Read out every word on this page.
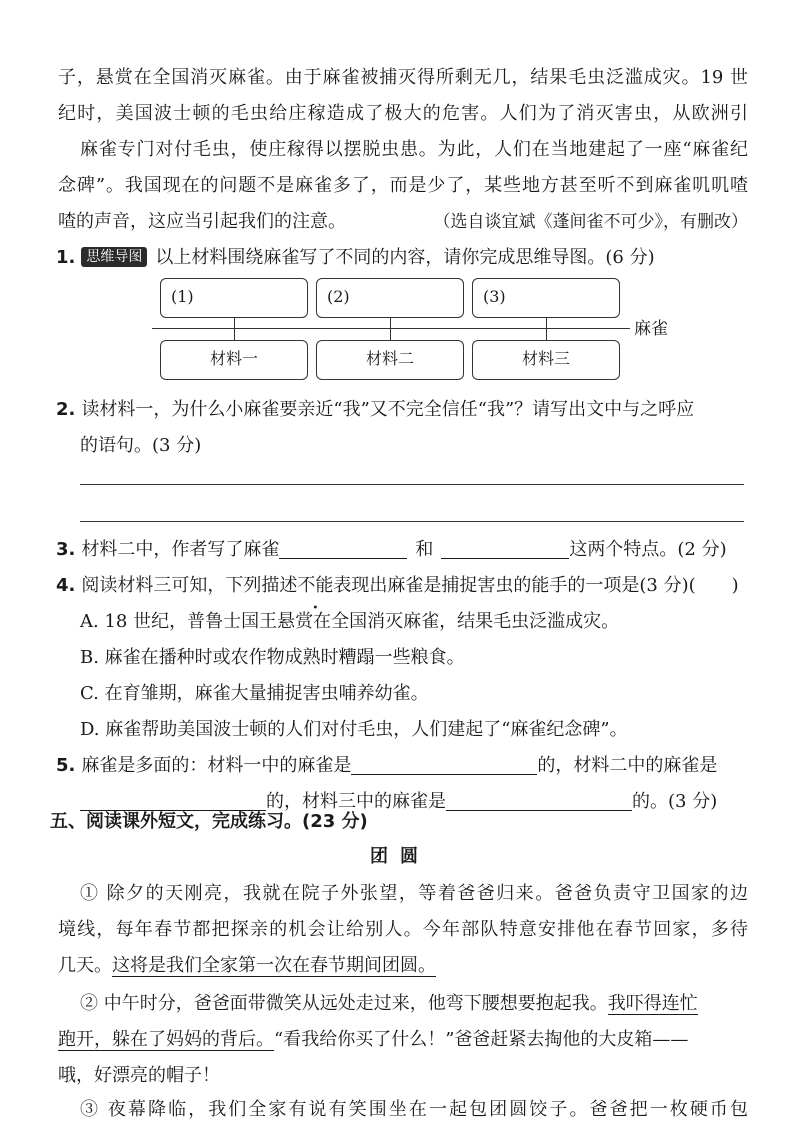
子，悬赏在全国消灭麻雀。由于麻雀被捕灭得所剩无几，结果毛虫泛滥成灾。19 世
纪时，美国波士顿的毛虫给庄稼造成了极大的危害。人们为了消灭害虫，从欧洲引
麻雀专门对付毛虫，使庄稼得以摆脱虫患。为此，人们在当地建起了一座“麻雀纪
念碑”。我国现在的问题不是麻雀多了，而是少了，某些地方甚至听不到麻雀叽叽喳
喳的声音，这应当引起我们的注意。	（选自谈宜斌《蓬间雀不可少》，有删改）
1. 思维导图 以上材料围绕麻雀写了不同的内容，请你完成思维导图。(6 分)
(1)	(2)	(3)
材料一	材料二	材料三
麻雀
2. 读材料一，为什么小麻雀要亲近“我”又不完全信任“我”？请写出文中与之呼应
的语句。(3 分)
3. 材料二中，作者写了麻雀	和	这两个特点。(2 分)
4. 阅读材料三可知，下列描述不能表现出麻雀是捕捉害虫的能手的一项是(3 分)(　　)
A. 18 世纪，普鲁士国王悬赏在全国消灭麻雀，结果毛虫泛滥成灾。
B. 麻雀在播种时或农作物成熟时糟蹋一些粮食。
C. 在育雏期，麻雀大量捕捉害虫哺养幼雀。
D. 麻雀帮助美国波士顿的人们对付毛虫，人们建起了“麻雀纪念碑”。
5. 麻雀是多面的：材料一中的麻雀是	的，材料二中的麻雀是
的，材料三中的麻雀是	的。(3 分)
五、阅读课外短文，完成练习。(23 分)
团圆
① 除夕的天刚亮，我就在院子外张望，等着爸爸归来。爸爸负责守卫国家的边
境线，每年春节都把探亲的机会让给别人。今年部队特意安排他在春节回家，多待
几天。这将是我们全家第一次在春节期间团圆。
② 中午时分，爸爸面带微笑从远处走过来，他弯下腰想要抱起我。我吓得连忙
跑开，躲在了妈妈的背后。“看我给你买了什么！”爸爸赶紧去掏他的大皮箱——
哦，好漂亮的帽子！
③ 夜幕降临，我们全家有说有笑围坐在一起包团圆饺子。爸爸把一枚硬币包
